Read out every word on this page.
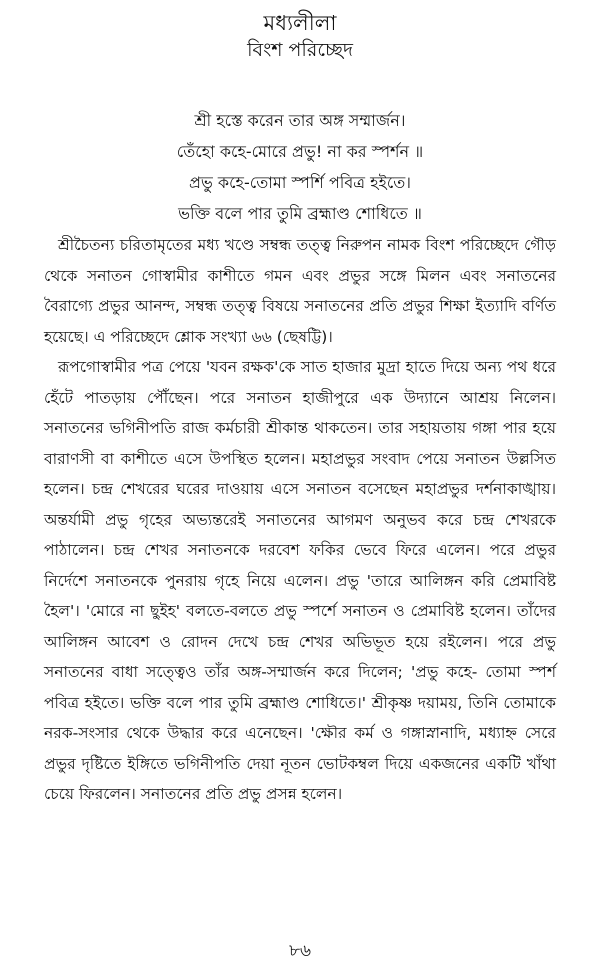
মধ্যলীলা
বিংশ পরিচ্ছেদ
শ্রী হস্তে করেন তার অঙ্গ সম্মার্জন।
তেঁহো কহে-মোরে প্রভু! না কর স্পর্শন ॥
প্রভু কহে-তোমা স্পর্শি পবিত্র হইতে।
ভক্তি বলে পার তুমি ব্রহ্মাণ্ড শোধিতে ॥

শ্রীচৈতন্য চরিতামৃতের মধ্য খণ্ডে সম্বন্ধ তত্ত্ব নিরুপন নামক বিংশ পরিচ্ছেদে গৌড় থেকে সনাতন গোস্বামীর কাশীতে গমন এবং প্রভুর সঙ্গে মিলন এবং সনাতনের বৈরাগ্যে প্রভুর আনন্দ, সম্বন্ধ তত্ত্ব বিষয়ে সনাতনের প্রতি প্রভুর শিক্ষা ইত্যাদি বর্ণিত হয়েছে। এ পরিচ্ছেদে শ্লোক সংখ্যা ৬৬ (ছেষট্টি)।

রূপগোস্বামীর পত্র পেয়ে 'যবন রক্ষক'কে সাত হাজার মুদ্রা হাতে দিয়ে অন্য পথ ধরে হেঁটে পাতড়ায় পৌঁছেন। পরে সনাতন হাজীপুরে এক উদ্যানে আশ্রয় নিলেন। সনাতনের ভগিনীপতি রাজ কর্মচারী শ্রীকান্ত থাকতেন। তার সহায়তায় গঙ্গা পার হয়ে বারাণসী বা কাশীতে এসে উপস্থিত হলেন। মহাপ্রভুর সংবাদ পেয়ে সনাতন উল্লসিত হলেন। চন্দ্র শেখরের ঘরের দাওয়ায় এসে সনাতন বসেছেন মহাপ্রভুর দর্শনাকাঙ্খায়। অন্তর্যামী প্রভু গৃহের অভ্যন্তরেই সনাতনের আগমণ অনুভব করে চন্দ্র শেখরকে পাঠালেন। চন্দ্র শেখর সনাতনকে দরবেশ ফকির ভেবে ফিরে এলেন। পরে প্রভুর নির্দেশে সনাতনকে পুনরায় গৃহে নিয়ে এলেন। প্রভু 'তারে আলিঙ্গন করি প্রেমাবিষ্ট হৈল'। 'মোরে না ছুইহ' বলতে-বলতে প্রভু স্পর্শে সনাতন ও প্রেমাবিষ্ট হলেন। তাঁদের আলিঙ্গন আবেশ ও রোদন দেখে চন্দ্র শেখর অভিভূত হয়ে রইলেন। পরে প্রভু সনাতনের বাধা সত্ত্বেও তাঁর অঙ্গ-সম্মার্জন করে দিলেন; 'প্রভু কহে- তোমা স্পর্শ পবিত্র হইতে। ভক্তি বলে পার তুমি ব্রহ্মাণ্ড শোধিতে।' শ্রীকৃষ্ণ দয়াময়, তিনি তোমাকে নরক-সংসার থেকে উদ্ধার করে এনেছেন। 'ক্ষৌর কর্ম ও গঙ্গাস্নানাদি, মধ্যাহ্ন সেরে প্রভুর দৃষ্টিতে ইঙ্গিতে ভগিনীপতি দেয়া নূতন ভোটকম্বল দিয়ে একজনের একটি খাঁথা চেয়ে ফিরলেন। সনাতনের প্রতি প্রভু প্রসন্ন হলেন।

৮৬
